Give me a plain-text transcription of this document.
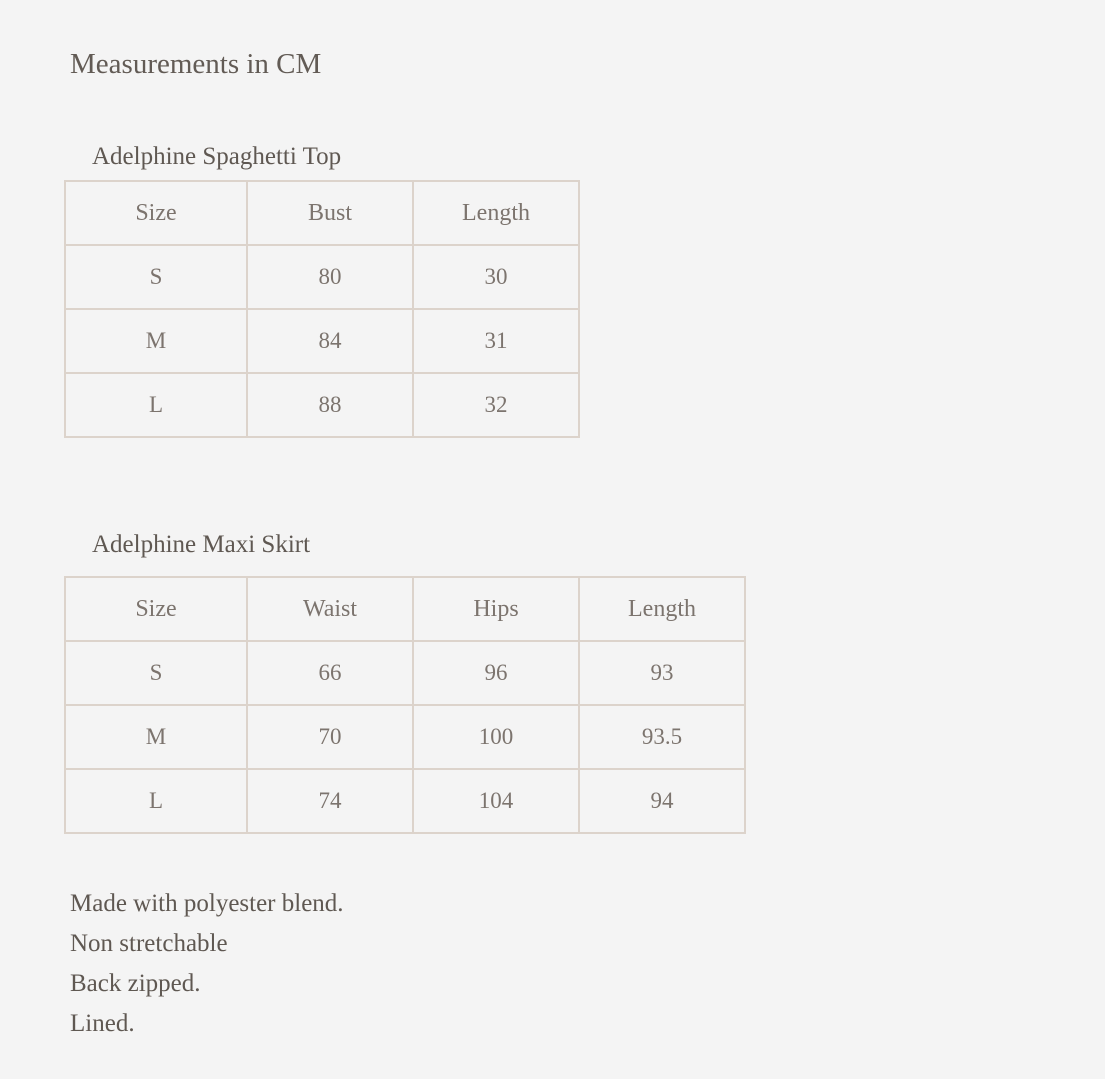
Measurements in CM
Adelphine Spaghetti Top
Size	Bust	Length
S	80	30
M	84	31
L	88	32
Adelphine Maxi Skirt
Size	Waist	Hips	Length
S	66	96	93
M	70	100	93.5
L	74	104	94
Made with polyester blend.
Non stretchable
Back zipped.
Lined.
